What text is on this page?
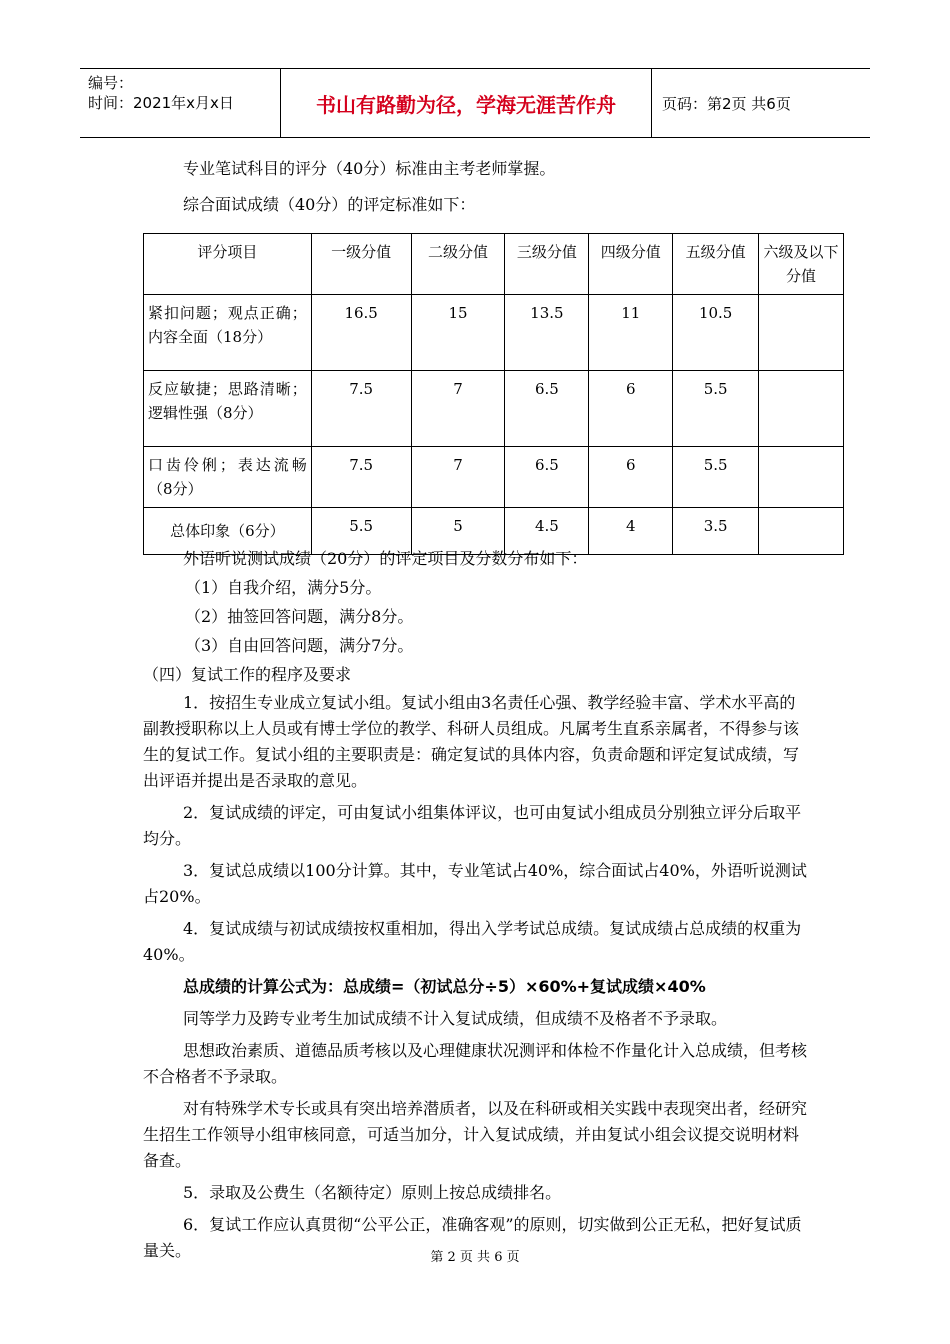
编号：
时间：2021年x月x日	书山有路勤为径，学海无涯苦作舟	页码：第2页 共6页

专业笔试科目的评分（40分）标准由主考老师掌握。

综合面试成绩（40分）的评定标准如下：

评分项目	一级分值	二级分值	三级分值	四级分值	五级分值	六级及以下分值
紧扣问题；观点正确；内容全面（18分）	16.5	15	13.5	11	10.5	
反应敏捷；思路清晰；逻辑性强（8分）	7.5	7	6.5	6	5.5	
口齿伶俐；表达流畅（8分）	7.5	7	6.5	6	5.5	
总体印象（6分）	5.5	5	4.5	4	3.5	

外语听说测试成绩（20分）的评定项目及分数分布如下：

（1）自我介绍，满分5分。

（2）抽签回答问题，满分8分。

（3）自由回答问题，满分7分。

（四）复试工作的程序及要求

1．按招生专业成立复试小组。复试小组由3名责任心强、教学经验丰富、学术水平高的副教授职称以上人员或有博士学位的教学、科研人员组成。凡属考生直系亲属者，不得参与该生的复试工作。复试小组的主要职责是：确定复试的具体内容，负责命题和评定复试成绩，写出评语并提出是否录取的意见。

2．复试成绩的评定，可由复试小组集体评议，也可由复试小组成员分别独立评分后取平均分。

3．复试总成绩以100分计算。其中，专业笔试占40%，综合面试占40%，外语听说测试占20%。

4．复试成绩与初试成绩按权重相加，得出入学考试总成绩。复试成绩占总成绩的权重为40%。

总成绩的计算公式为：总成绩=（初试总分÷5）×60%+复试成绩×40%

同等学力及跨专业考生加试成绩不计入复试成绩，但成绩不及格者不予录取。

思想政治素质、道德品质考核以及心理健康状况测评和体检不作量化计入总成绩，但考核不合格者不予录取。

对有特殊学术专长或具有突出培养潜质者，以及在科研或相关实践中表现突出者，经研究生招生工作领导小组审核同意，可适当加分，计入复试成绩，并由复试小组会议提交说明材料备查。

5．录取及公费生（名额待定）原则上按总成绩排名。

6．复试工作应认真贯彻“公平公正，准确客观”的原则，切实做到公正无私，把好复试质量关。	第 2 页 共 6 页
